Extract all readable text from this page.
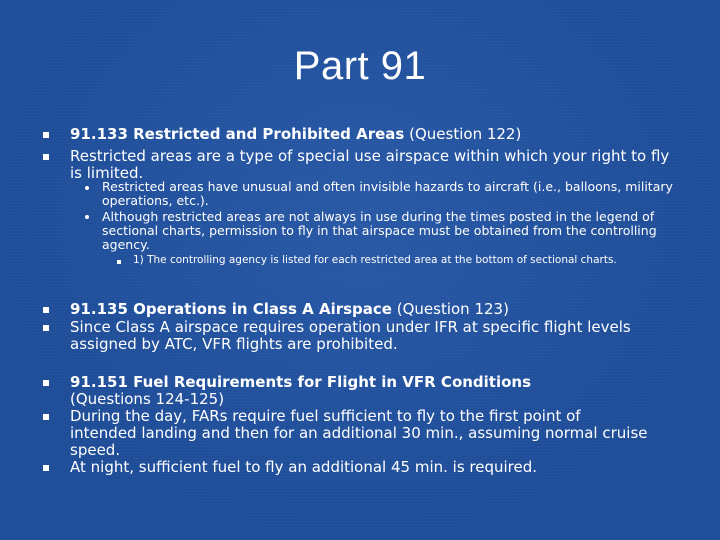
Part 91
91.133 Restricted and Prohibited Areas (Question 122)
Restricted areas are a type of special use airspace within which your right to fly is limited.
Restricted areas have unusual and often invisible hazards to aircraft (i.e., balloons, military operations, etc.).
Although restricted areas are not always in use during the times posted in the legend of sectional charts, permission to fly in that airspace must be obtained from the controlling agency.
1) The controlling agency is listed for each restricted area at the bottom of sectional charts.
91.135 Operations in Class A Airspace (Question 123)
Since Class A airspace requires operation under IFR at specific flight levels assigned by ATC, VFR flights are prohibited.
91.151 Fuel Requirements for Flight in VFR Conditions (Questions 124-125)
During the day, FARs require fuel sufficient to fly to the first point of intended landing and then for an additional 30 min., assuming normal cruise speed.
At night, sufficient fuel to fly an additional 45 min. is required.
